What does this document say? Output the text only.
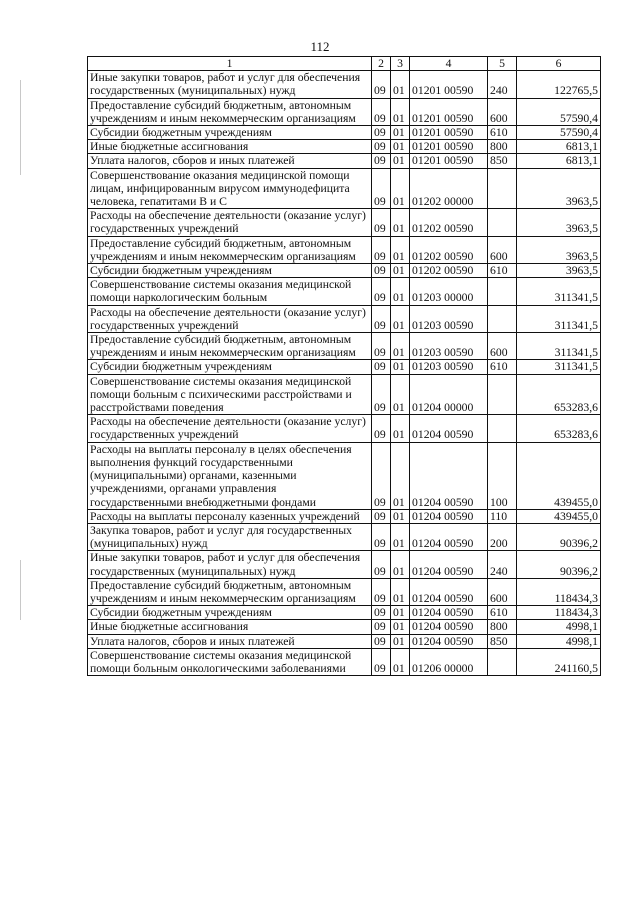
112
1	2	3	4	5	6
Иные закупки товаров, работ и услуг для обеспечения государственных (муниципальных) нужд	09	01	01201 00590	240	122765,5
Предоставление субсидий бюджетным, автономным учреждениям и иным некоммерческим организациям	09	01	01201 00590	600	57590,4
Субсидии бюджетным учреждениям	09	01	01201 00590	610	57590,4
Иные бюджетные ассигнования	09	01	01201 00590	800	6813,1
Уплата налогов, сборов и иных платежей	09	01	01201 00590	850	6813,1
Совершенствование оказания медицинской помощи лицам, инфицированным вирусом иммунодефицита человека, гепатитами В и С	09	01	01202 00000		3963,5
Расходы на обеспечение деятельности (оказание услуг) государственных учреждений	09	01	01202 00590		3963,5
Предоставление субсидий бюджетным, автономным учреждениям и иным некоммерческим организациям	09	01	01202 00590	600	3963,5
Субсидии бюджетным учреждениям	09	01	01202 00590	610	3963,5
Совершенствование системы оказания медицинской помощи наркологическим больным	09	01	01203 00000		311341,5
Расходы на обеспечение деятельности (оказание услуг) государственных учреждений	09	01	01203 00590		311341,5
Предоставление субсидий бюджетным, автономным учреждениям и иным некоммерческим организациям	09	01	01203 00590	600	311341,5
Субсидии бюджетным учреждениям	09	01	01203 00590	610	311341,5
Совершенствование системы оказания медицинской помощи больным с психическими расстройствами и расстройствами поведения	09	01	01204 00000		653283,6
Расходы на обеспечение деятельности (оказание услуг) государственных учреждений	09	01	01204 00590		653283,6
Расходы на выплаты персоналу в целях обеспечения выполнения функций государственными (муниципальными) органами, казенными учреждениями, органами управления государственными внебюджетными фондами	09	01	01204 00590	100	439455,0
Расходы на выплаты персоналу казенных учреждений	09	01	01204 00590	110	439455,0
Закупка товаров, работ и услуг для государственных (муниципальных) нужд	09	01	01204 00590	200	90396,2
Иные закупки товаров, работ и услуг для обеспечения государственных (муниципальных) нужд	09	01	01204 00590	240	90396,2
Предоставление субсидий бюджетным, автономным учреждениям и иным некоммерческим организациям	09	01	01204 00590	600	118434,3
Субсидии бюджетным учреждениям	09	01	01204 00590	610	118434,3
Иные бюджетные ассигнования	09	01	01204 00590	800	4998,1
Уплата налогов, сборов и иных платежей	09	01	01204 00590	850	4998,1
Совершенствование системы оказания медицинской помощи больным онкологическими заболеваниями	09	01	01206 00000		241160,5
